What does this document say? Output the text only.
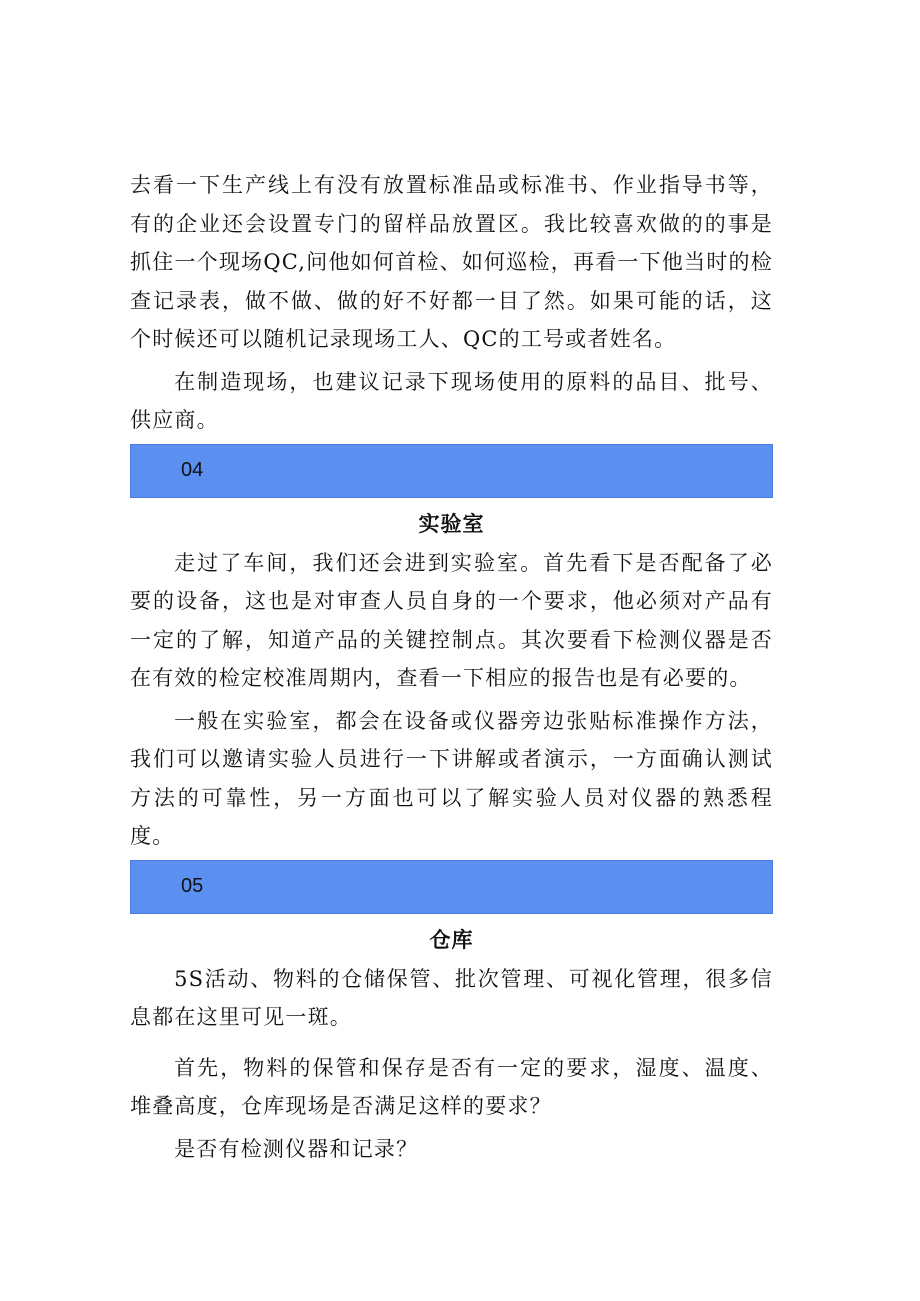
去看一下生产线上有没有放置标准品或标准书、作业指导书等，有的企业还会设置专门的留样品放置区。我比较喜欢做的的事是抓住一个现场QC,问他如何首检、如何巡检，再看一下他当时的检查记录表，做不做、做的好不好都一目了然。如果可能的话，这个时候还可以随机记录现场工人、QC的工号或者姓名。

在制造现场，也建议记录下现场使用的原料的品目、批号、供应商。

04
实验室

走过了车间，我们还会进到实验室。首先看下是否配备了必要的设备，这也是对审查人员自身的一个要求，他必须对产品有一定的了解，知道产品的关键控制点。其次要看下检测仪器是否在有效的检定校准周期内，查看一下相应的报告也是有必要的。

一般在实验室，都会在设备或仪器旁边张贴标准操作方法，我们可以邀请实验人员进行一下讲解或者演示，一方面确认测试方法的可靠性，另一方面也可以了解实验人员对仪器的熟悉程度。

05
仓库

5S活动、物料的仓储保管、批次管理、可视化管理，很多信息都在这里可见一斑。

首先，物料的保管和保存是否有一定的要求，湿度、温度、堆叠高度，仓库现场是否满足这样的要求？

是否有检测仪器和记录？
